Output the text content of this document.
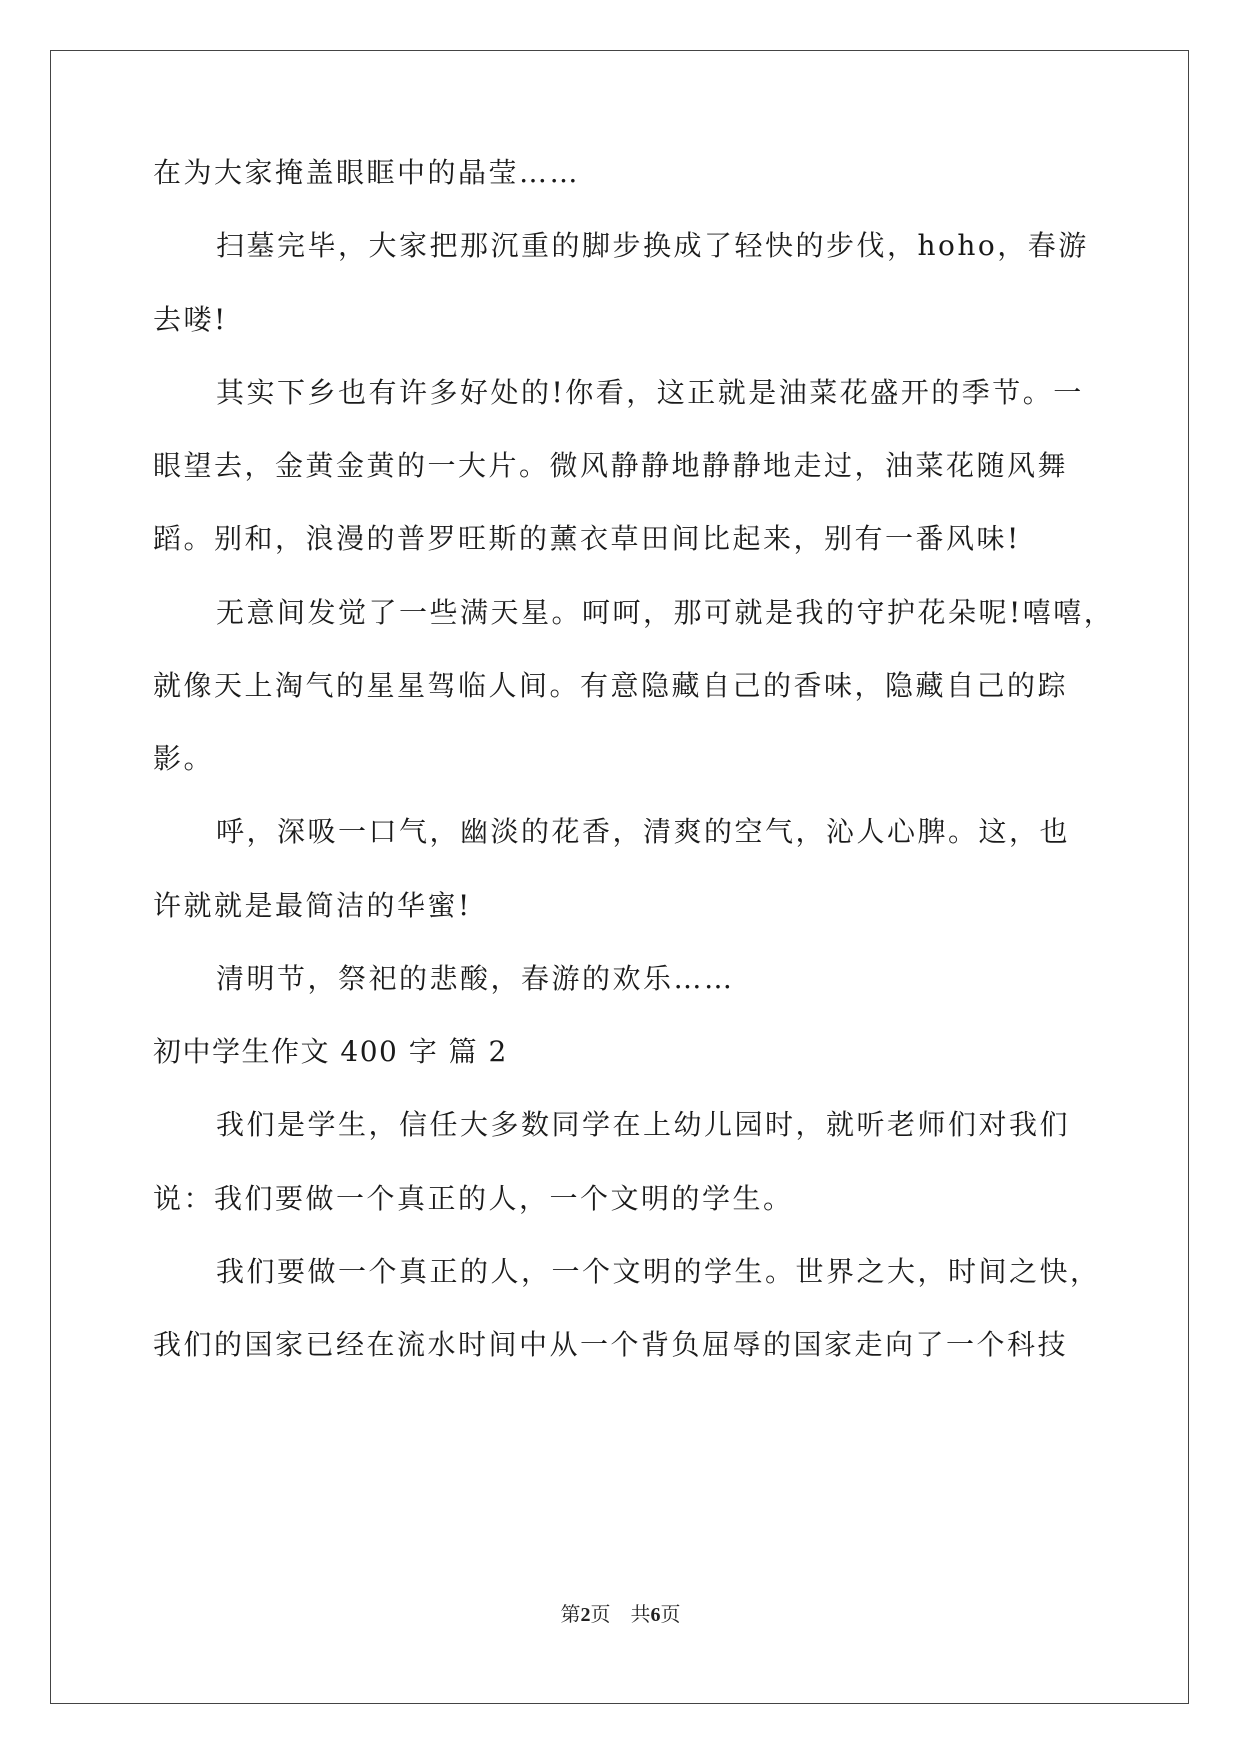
在为大家掩盖眼眶中的晶莹……
扫墓完毕，大家把那沉重的脚步换成了轻快的步伐，hoho，春游
去喽!
其实下乡也有许多好处的!你看，这正就是油菜花盛开的季节。一
眼望去，金黄金黄的一大片。微风静静地静静地走过，油菜花随风舞
蹈。别和，浪漫的普罗旺斯的薰衣草田间比起来，别有一番风味!
无意间发觉了一些满天星。呵呵，那可就是我的守护花朵呢!嘻嘻，
就像天上淘气的星星驾临人间。有意隐藏自己的香味，隐藏自己的踪
影。
呼，深吸一口气，幽淡的花香，清爽的空气，沁人心脾。这，也
许就就是最简洁的华蜜!
清明节，祭祀的悲酸，春游的欢乐……
初中学生作文 400 字 篇 2
我们是学生，信任大多数同学在上幼儿园时，就听老师们对我们
说：我们要做一个真正的人，一个文明的学生。
我们要做一个真正的人，一个文明的学生。世界之大，时间之快，
我们的国家已经在流水时间中从一个背负屈辱的国家走向了一个科技
第2页　共6页
